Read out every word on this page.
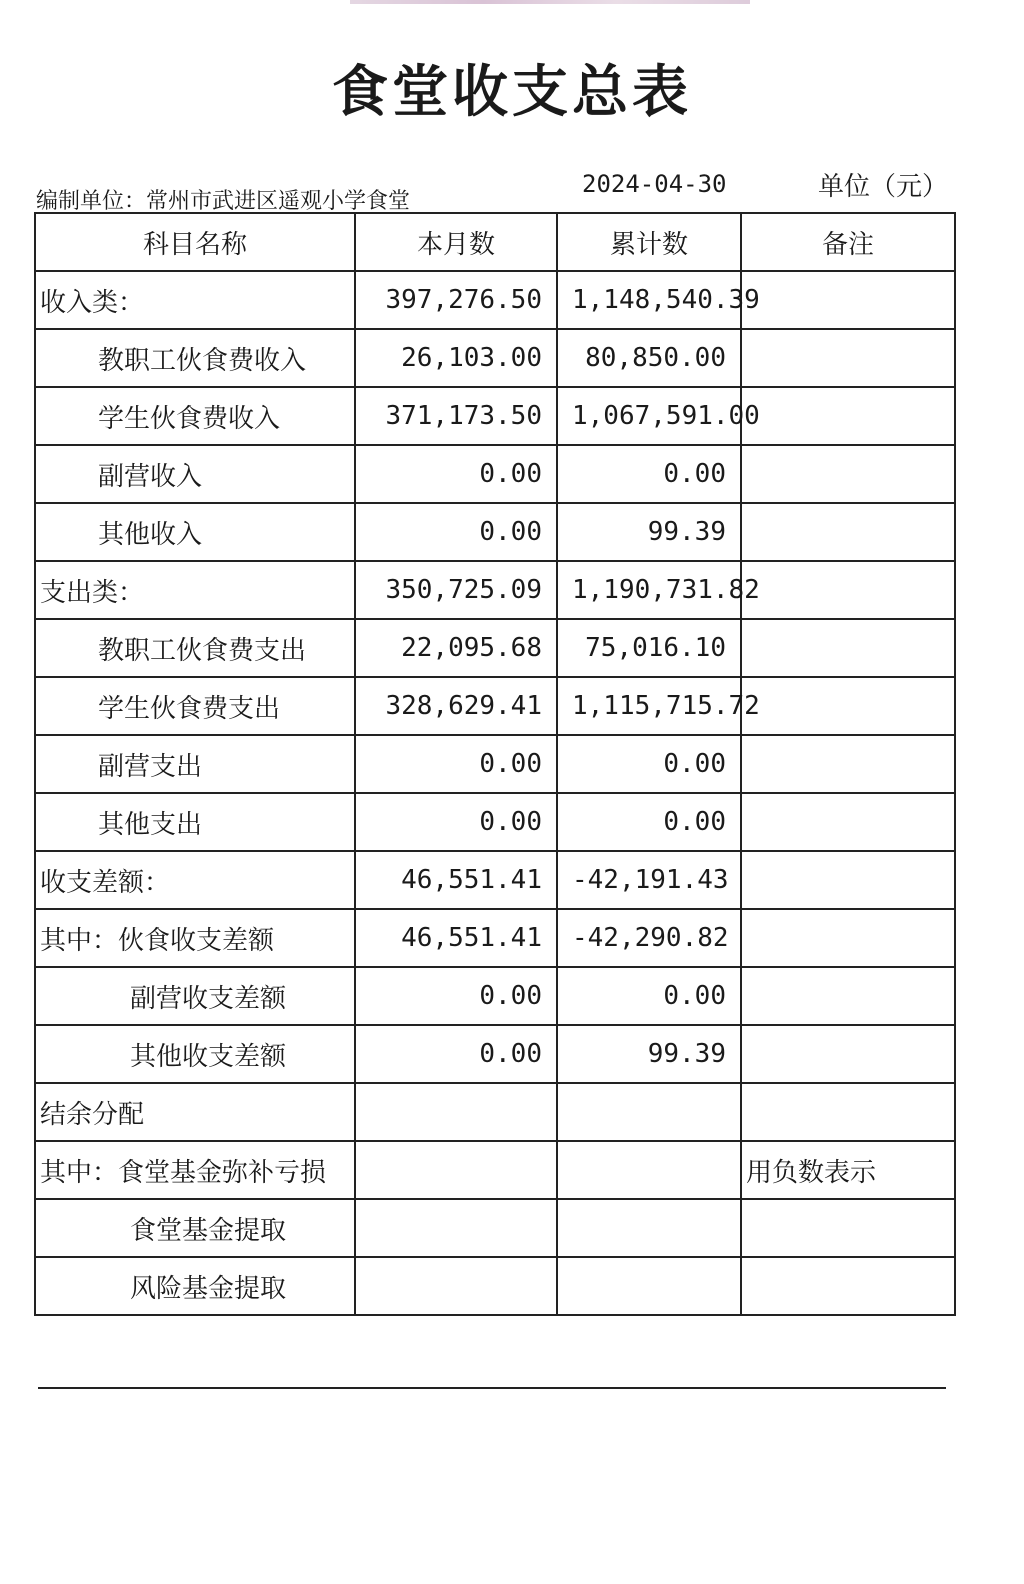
食堂收支总表
编制单位：常州市武进区遥观小学食堂
2024-04-30	单位（元）
科目名称	本月数	累计数	备注
收入类：	397,276.50	1,148,540.39	
教职工伙食费收入	26,103.00	80,850.00	
学生伙食费收入	371,173.50	1,067,591.00	
副营收入	0.00	0.00	
其他收入	0.00	99.39	
支出类：	350,725.09	1,190,731.82	
教职工伙食费支出	22,095.68	75,016.10	
学生伙食费支出	328,629.41	1,115,715.72	
副营支出	0.00	0.00	
其他支出	0.00	0.00	
收支差额：	46,551.41	-42,191.43	
其中：伙食收支差额	46,551.41	-42,290.82	
副营收支差额	0.00	0.00	
其他收支差额	0.00	99.39	
结余分配			
其中：食堂基金弥补亏损			用负数表示
食堂基金提取			
风险基金提取			
